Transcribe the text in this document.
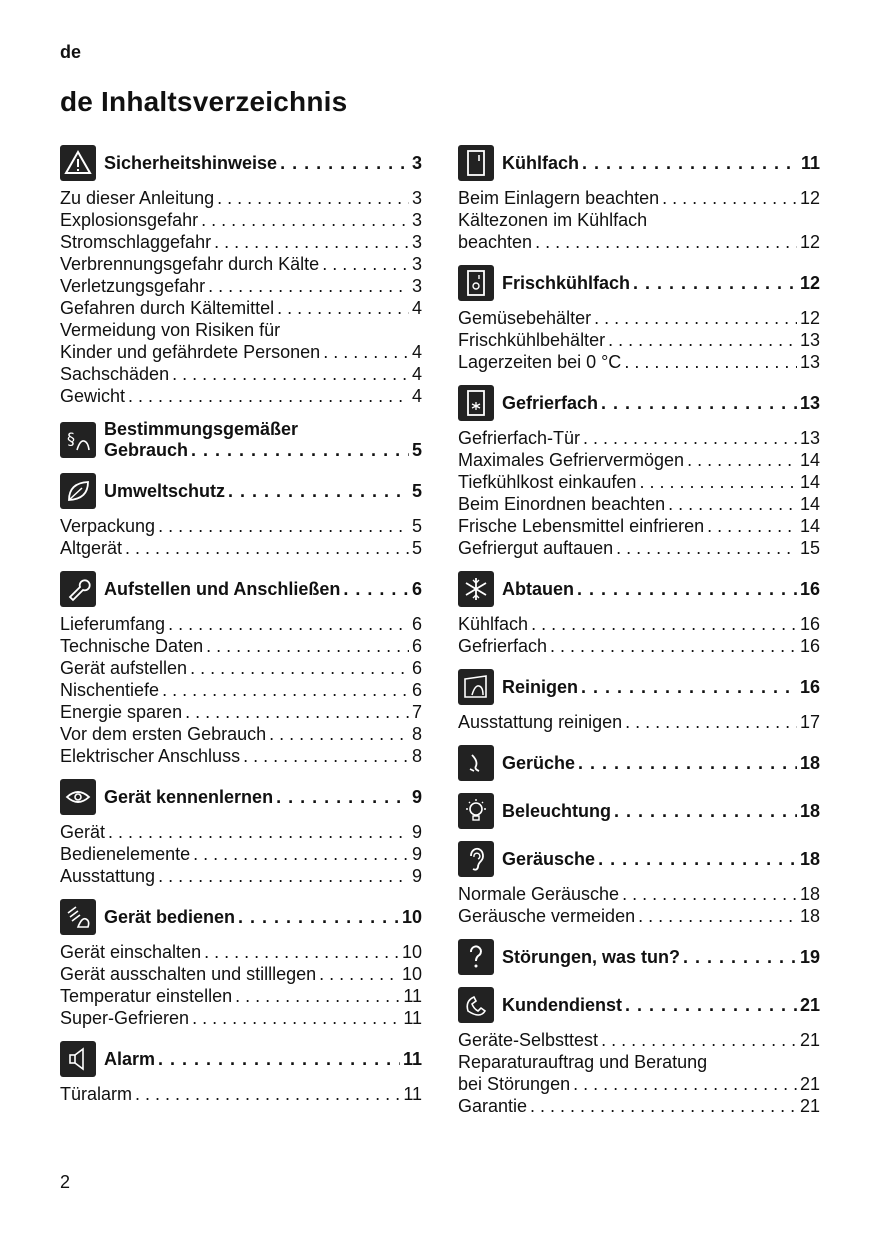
de
de Inhaltsverzeichnis
Sicherheitshinweise . . .	3
Zu dieser Anleitung . . .	3
Explosionsgefahr . . .	3
Stromschlaggefahr . . .	3
Verbrennungsgefahr durch Kälte . . .	3
Verletzungsgefahr . . .	3
Gefahren durch Kältemittel . . .	4
Vermeidung von Risiken für
Kinder und gefährdete Personen . . .	4
Sachschäden . . .	4
Gewicht . . .	4
§ Bestimmungsgemäßer
Gebrauch . . .	5
Umweltschutz . . .	5
Verpackung . . .	5
Altgerät . . .	5
Aufstellen und Anschließen . . .	6
Lieferumfang . . .	6
Technische Daten . . .	6
Gerät aufstellen . . .	6
Nischentiefe . . .	6
Energie sparen . . .	7
Vor dem ersten Gebrauch . . .	8
Elektrischer Anschluss . . .	8
Gerät kennenlernen . . .	9
Gerät . . .	9
Bedienelemente . . .	9
Ausstattung . . .	9
Gerät bedienen . . .	10
Gerät einschalten . . .	10
Gerät ausschalten und stilllegen . . .	10
Temperatur einstellen . . .	11
Super-Gefrieren . . .	11
Alarm . . .	11
Türalarm . . .	11
Kühlfach . . .	11
Beim Einlagern beachten . . .	12
Kältezonen im Kühlfach
beachten . . .	12
Frischkühlfach . . .	12
Gemüsebehälter . . .	12
Frischkühlbehälter . . .	13
Lagerzeiten bei 0 °C . . .	13
Gefrierfach . . .	13
Gefrierfach-Tür . . .	13
Maximales Gefriervermögen . . .	14
Tiefkühlkost einkaufen . . .	14
Beim Einordnen beachten . . .	14
Frische Lebensmittel einfrieren . . .	14
Gefriergut auftauen . . .	15
Abtauen . . .	16
Kühlfach . . .	16
Gefrierfach . . .	16
Reinigen . . .	16
Ausstattung reinigen . . .	17
Gerüche . . .	18
Beleuchtung . . .	18
Geräusche . . .	18
Normale Geräusche . . .	18
Geräusche vermeiden . . .	18
Störungen, was tun? . . .	19
Kundendienst . . .	21
Geräte-Selbsttest . . .	21
Reparaturauftrag und Beratung
bei Störungen . . .	21
Garantie . . .	21
2
